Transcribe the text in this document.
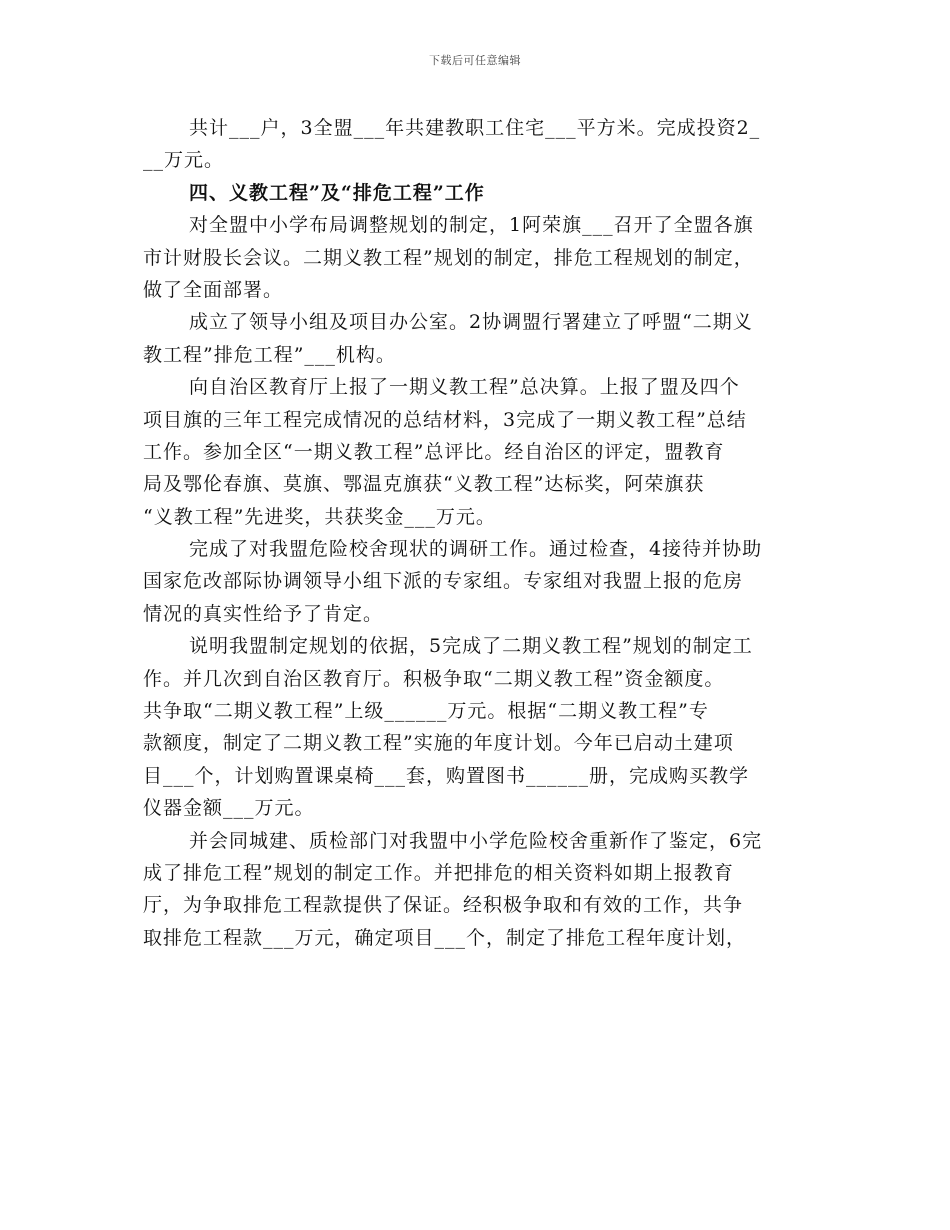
下载后可任意编辑
共计___户，3全盟___年共建教职工住宅___平方米。完成投资2_
__万元。
四、义教工程”及“排危工程”工作
对全盟中小学布局调整规划的制定，1阿荣旗___召开了全盟各旗
市计财股长会议。二期义教工程”规划的制定，排危工程规划的制定，
做了全面部署。
成立了领导小组及项目办公室。2协调盟行署建立了呼盟“二期义
教工程”排危工程”___机构。
向自治区教育厅上报了一期义教工程”总决算。上报了盟及四个
项目旗的三年工程完成情况的总结材料，3完成了一期义教工程”总结
工作。参加全区“一期义教工程”总评比。经自治区的评定，盟教育
局及鄂伦春旗、莫旗、鄂温克旗获“义教工程”达标奖，阿荣旗获
“义教工程”先进奖，共获奖金___万元。
完成了对我盟危险校舍现状的调研工作。通过检查，4接待并协助
国家危改部际协调领导小组下派的专家组。专家组对我盟上报的危房
情况的真实性给予了肯定。
说明我盟制定规划的依据，5完成了二期义教工程”规划的制定工
作。并几次到自治区教育厅。积极争取“二期义教工程”资金额度。
共争取“二期义教工程”上级______万元。根据“二期义教工程”专
款额度，制定了二期义教工程”实施的年度计划。今年已启动土建项
目___个，计划购置课桌椅___套，购置图书______册，完成购买教学
仪器金额___万元。
并会同城建、质检部门对我盟中小学危险校舍重新作了鉴定，6完
成了排危工程”规划的制定工作。并把排危的相关资料如期上报教育
厅，为争取排危工程款提供了保证。经积极争取和有效的工作，共争
取排危工程款___万元，确定项目___个，制定了排危工程年度计划，
